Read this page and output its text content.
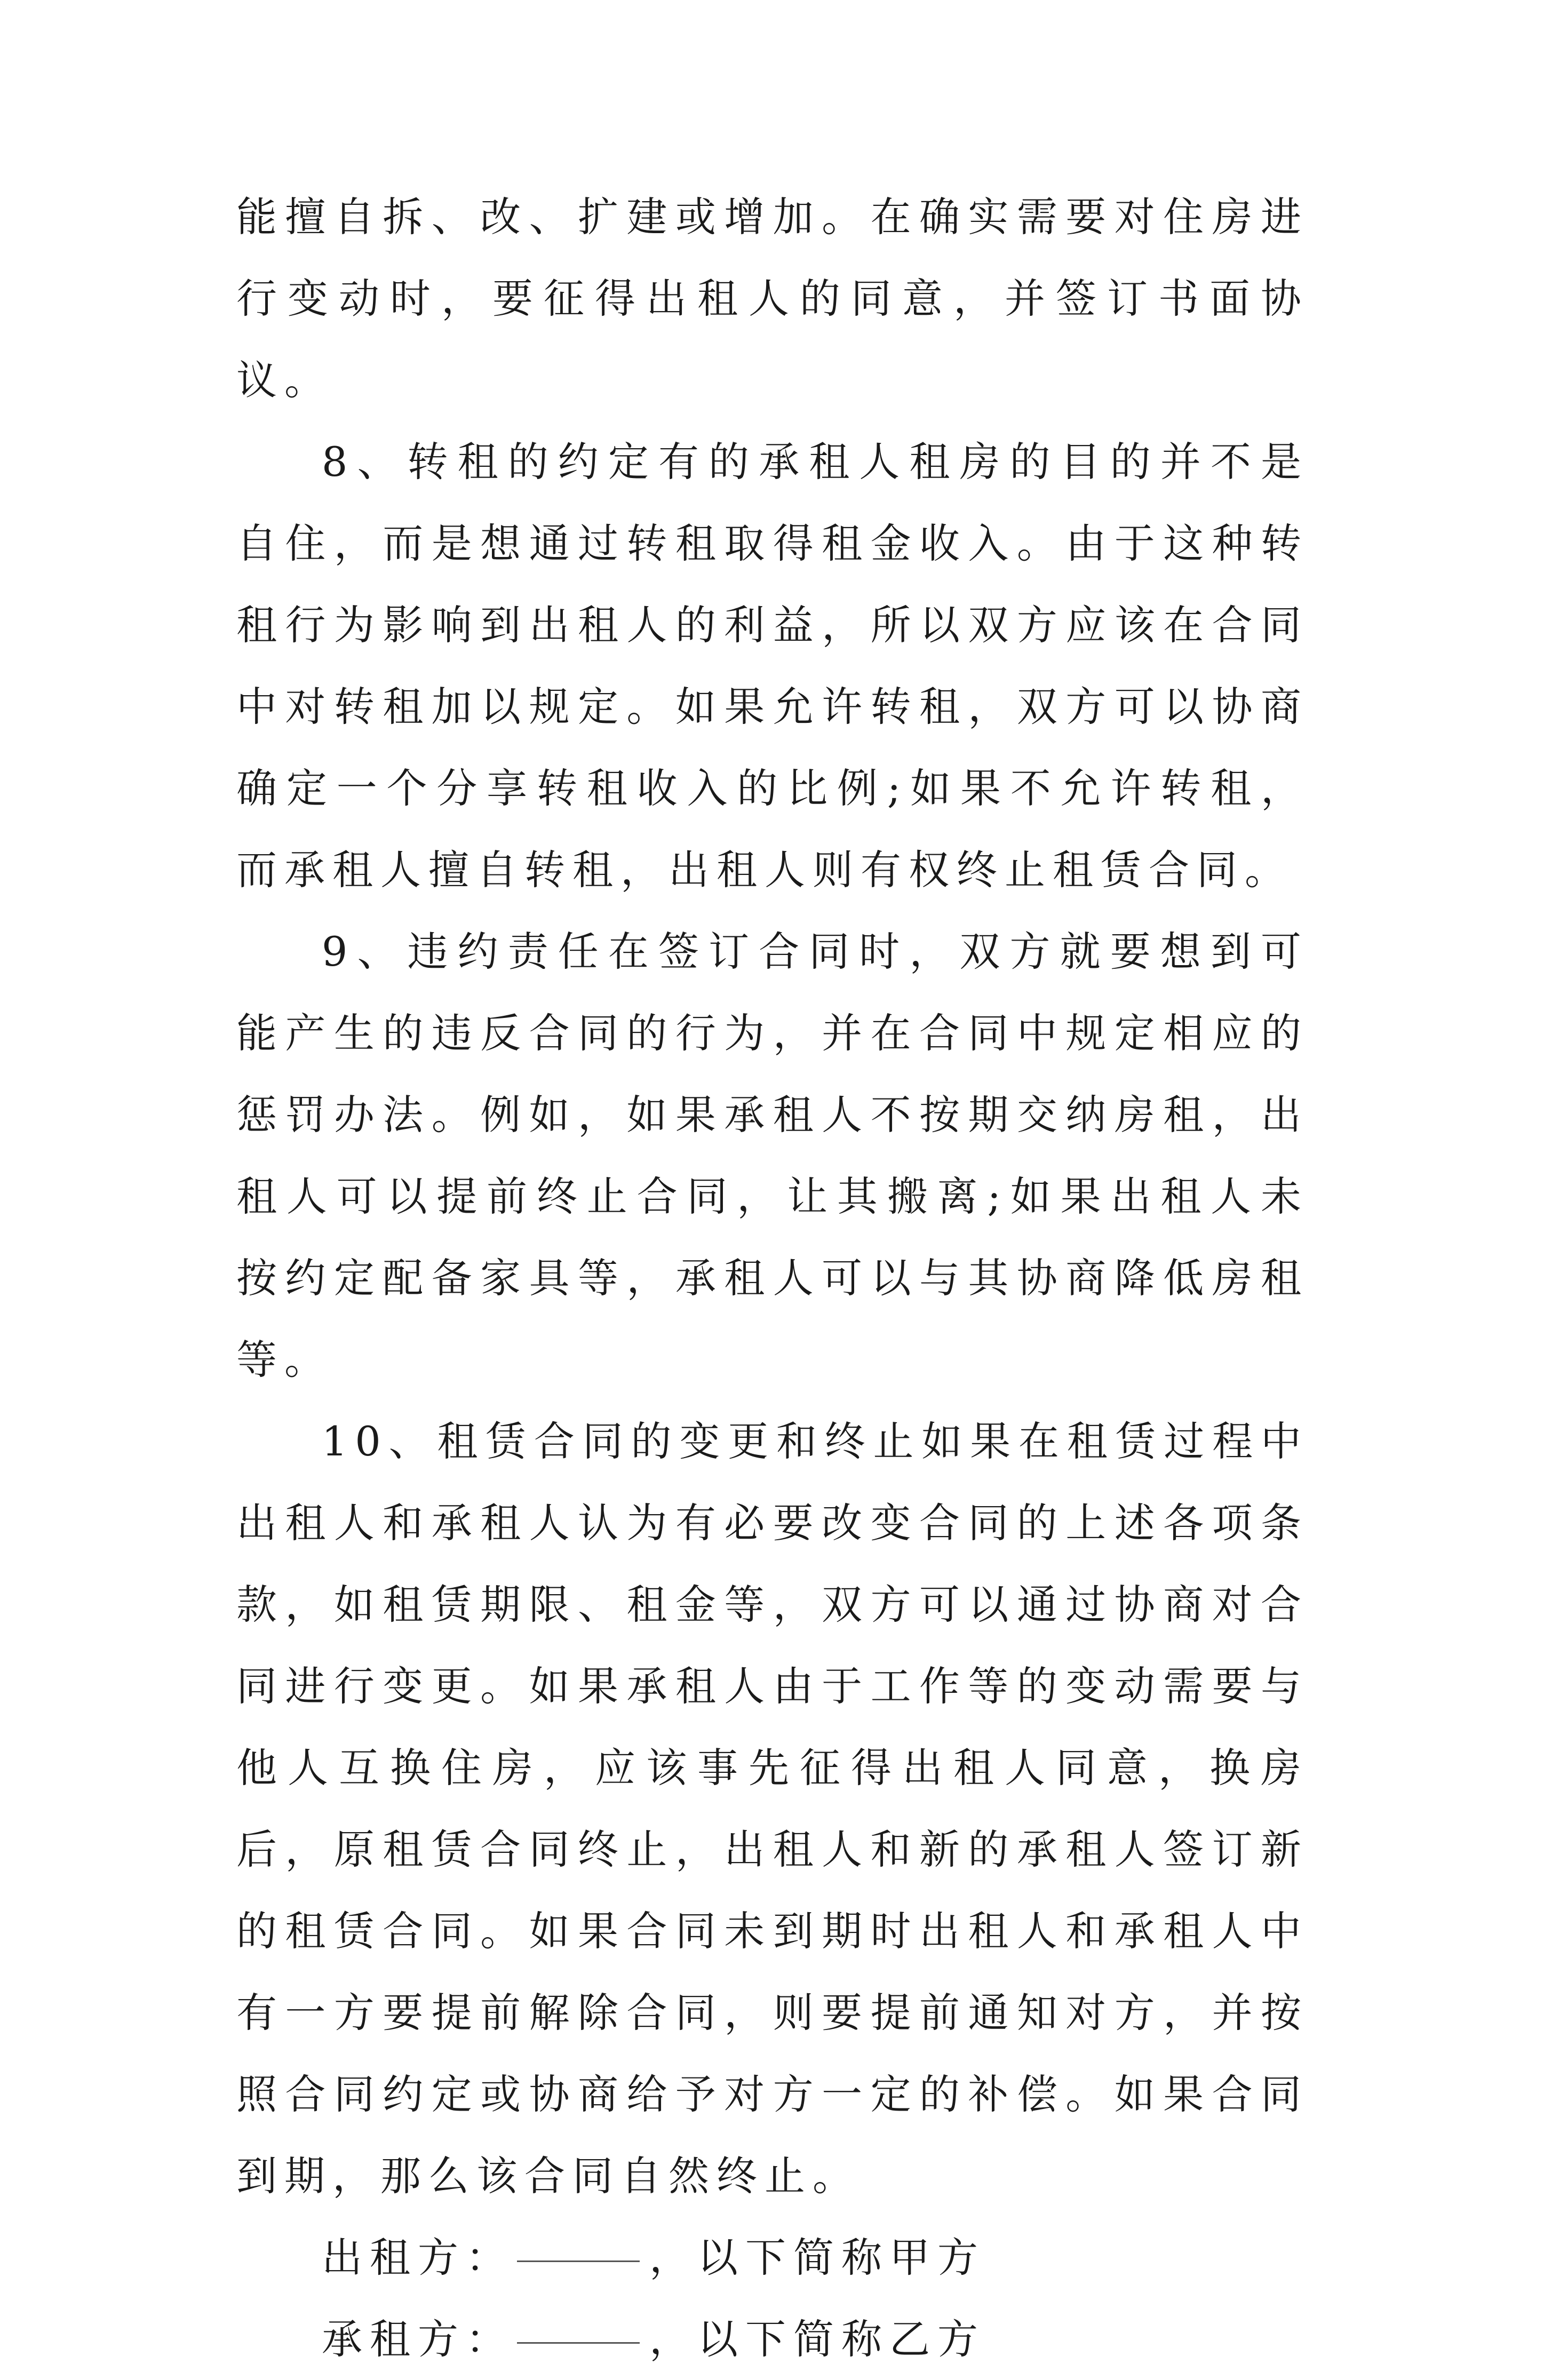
能擅自拆、改、扩建或增加。在确实需要对住房进行变动时，要征得出租人的同意，并签订书面协议。

8、转租的约定有的承租人租房的目的并不是自住，而是想通过转租取得租金收入。由于这种转租行为影响到出租人的利益，所以双方应该在合同中对转租加以规定。如果允许转租，双方可以协商确定一个分享转租收入的比例;如果不允许转租，而承租人擅自转租，出租人则有权终止租赁合同。

9、违约责任在签订合同时，双方就要想到可能产生的违反合同的行为，并在合同中规定相应的惩罚办法。例如，如果承租人不按期交纳房租，出租人可以提前终止合同，让其搬离;如果出租人未按约定配备家具等，承租人可以与其协商降低房租等。

10、租赁合同的变更和终止如果在租赁过程中出租人和承租人认为有必要改变合同的上述各项条款，如租赁期限、租金等，双方可以通过协商对合同进行变更。如果承租人由于工作等的变动需要与他人互换住房，应该事先征得出租人同意，换房后，原租赁合同终止，出租人和新的承租人签订新的租赁合同。如果合同未到期时出租人和承租人中有一方要提前解除合同，则要提前通知对方，并按照合同约定或协商给予对方一定的补偿。如果合同到期，那么该合同自然终止。

出租方：	，以下简称甲方

承租方：	，以下简称乙方
